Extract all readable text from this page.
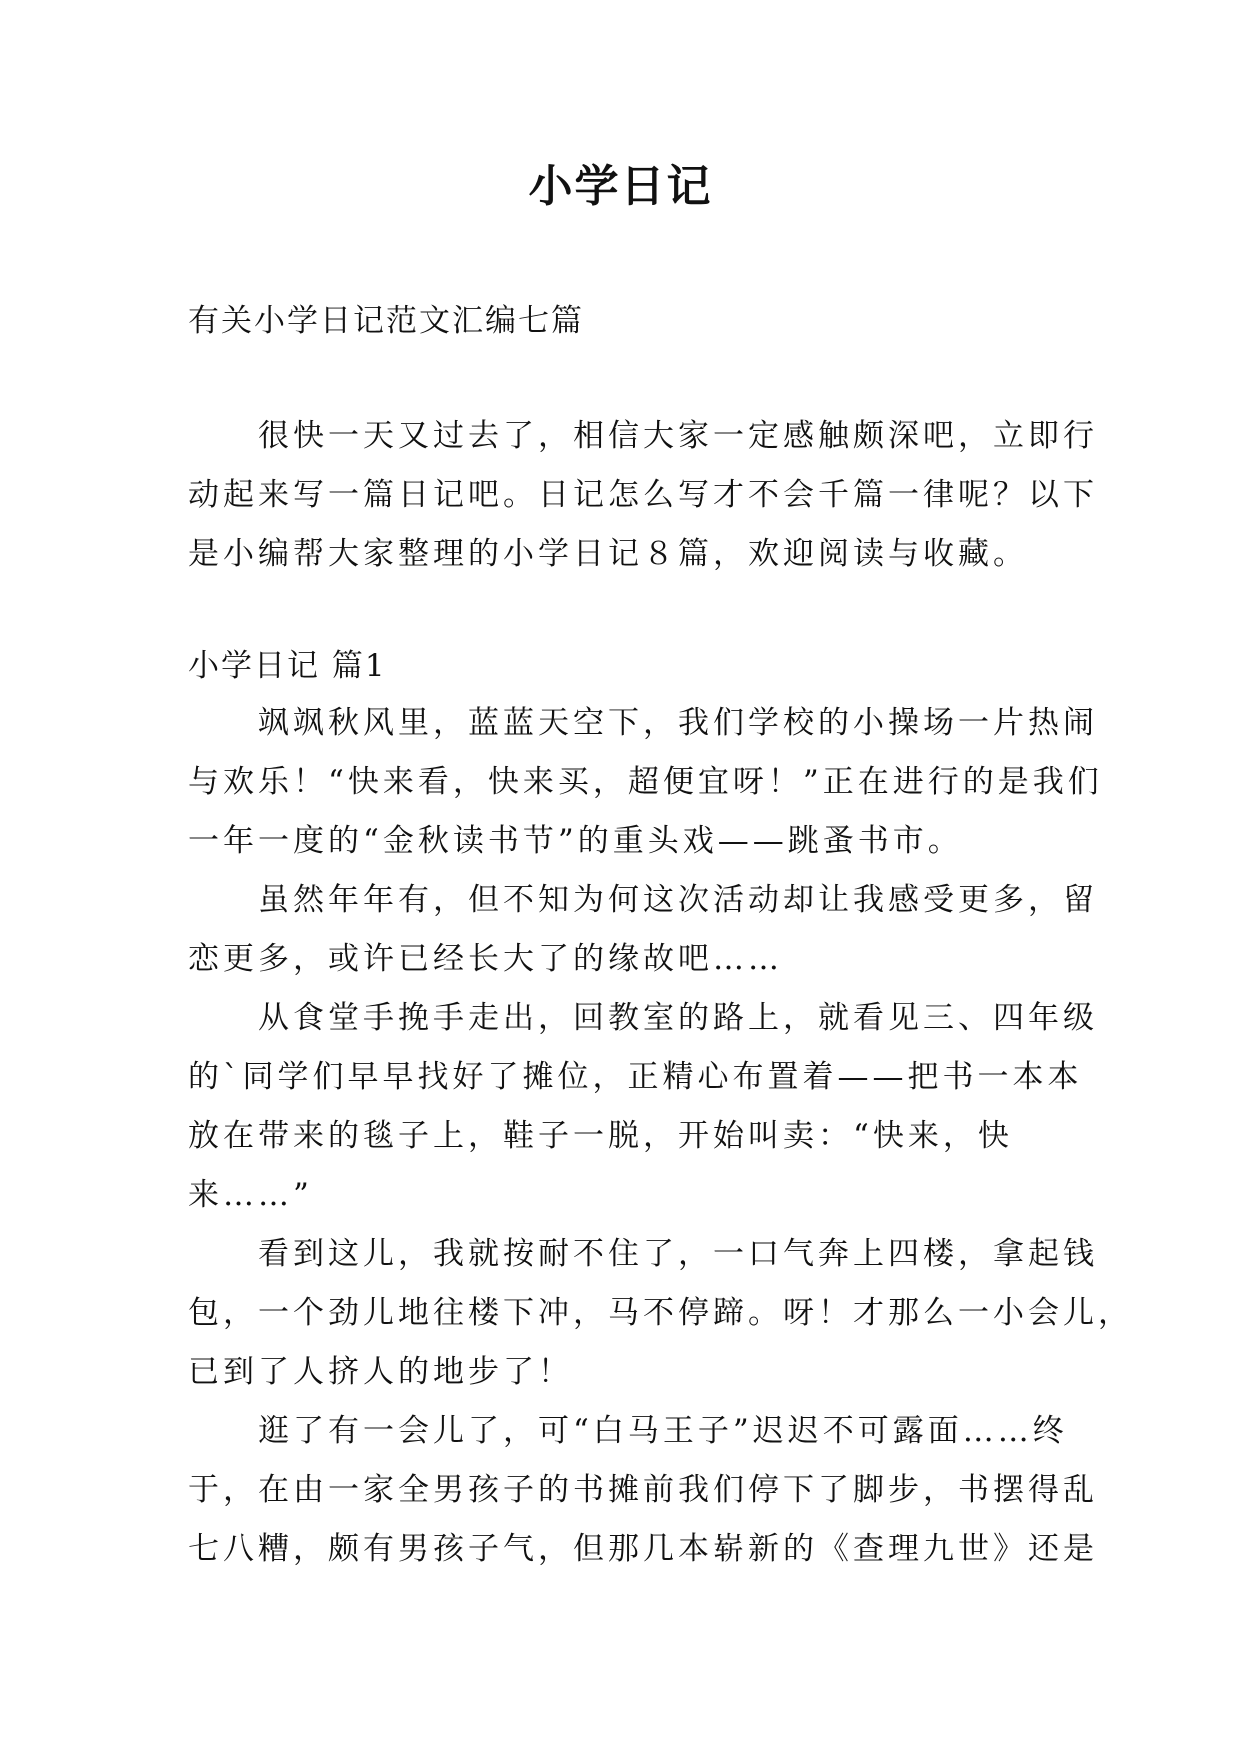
小学日记

有关小学日记范文汇编七篇

　　很快一天又过去了，相信大家一定感触颇深吧，立即行
动起来写一篇日记吧。日记怎么写才不会千篇一律呢？以下
是小编帮大家整理的小学日记８篇，欢迎阅读与收藏。

小学日记 篇1

　　飒飒秋风里，蓝蓝天空下，我们学校的小操场一片热闹
与欢乐！“快来看，快来买，超便宜呀！”正在进行的是我们
一年一度的“金秋读书节”的重头戏——跳蚤书市。
　　虽然年年有，但不知为何这次活动却让我感受更多，留
恋更多，或许已经长大了的缘故吧……
　　从食堂手挽手走出，回教室的路上，就看见三、四年级
的`同学们早早找好了摊位，正精心布置着——把书一本本
放在带来的毯子上，鞋子一脱，开始叫卖：“快来，快
来……”
　　看到这儿，我就按耐不住了，一口气奔上四楼，拿起钱
包，一个劲儿地往楼下冲，马不停蹄。呀！才那么一小会儿，
已到了人挤人的地步了！
　　逛了有一会儿了，可“白马王子”迟迟不可露面……终
于，在由一家全男孩子的书摊前我们停下了脚步，书摆得乱
七八糟，颇有男孩子气，但那几本崭新的《查理九世》还是
